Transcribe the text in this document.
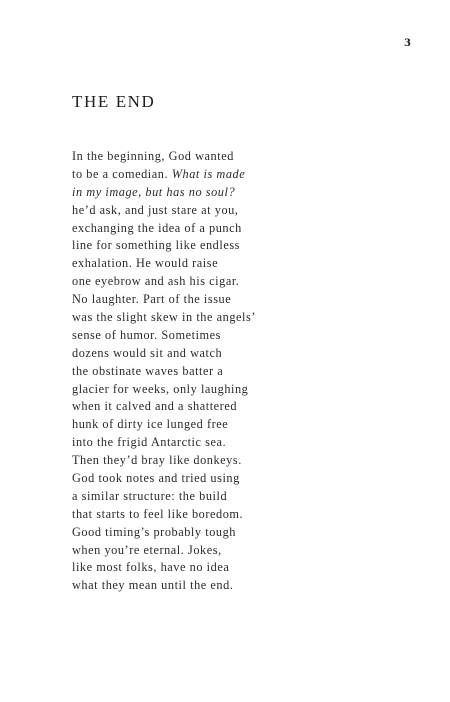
3
THE END
In the beginning, God wanted
to be a comedian. What is made
in my image, but has no soul?
he’d ask, and just stare at you,
exchanging the idea of a punch
line for something like endless
exhalation. He would raise
one eyebrow and ash his cigar.
No laughter. Part of the issue
was the slight skew in the angels’
sense of humor. Sometimes
dozens would sit and watch
the obstinate waves batter a
glacier for weeks, only laughing
when it calved and a shattered
hunk of dirty ice lunged free
into the frigid Antarctic sea.
Then they’d bray like donkeys.
God took notes and tried using
a similar structure: the build
that starts to feel like boredom.
Good timing’s probably tough
when you’re eternal. Jokes,
like most folks, have no idea
what they mean until the end.
